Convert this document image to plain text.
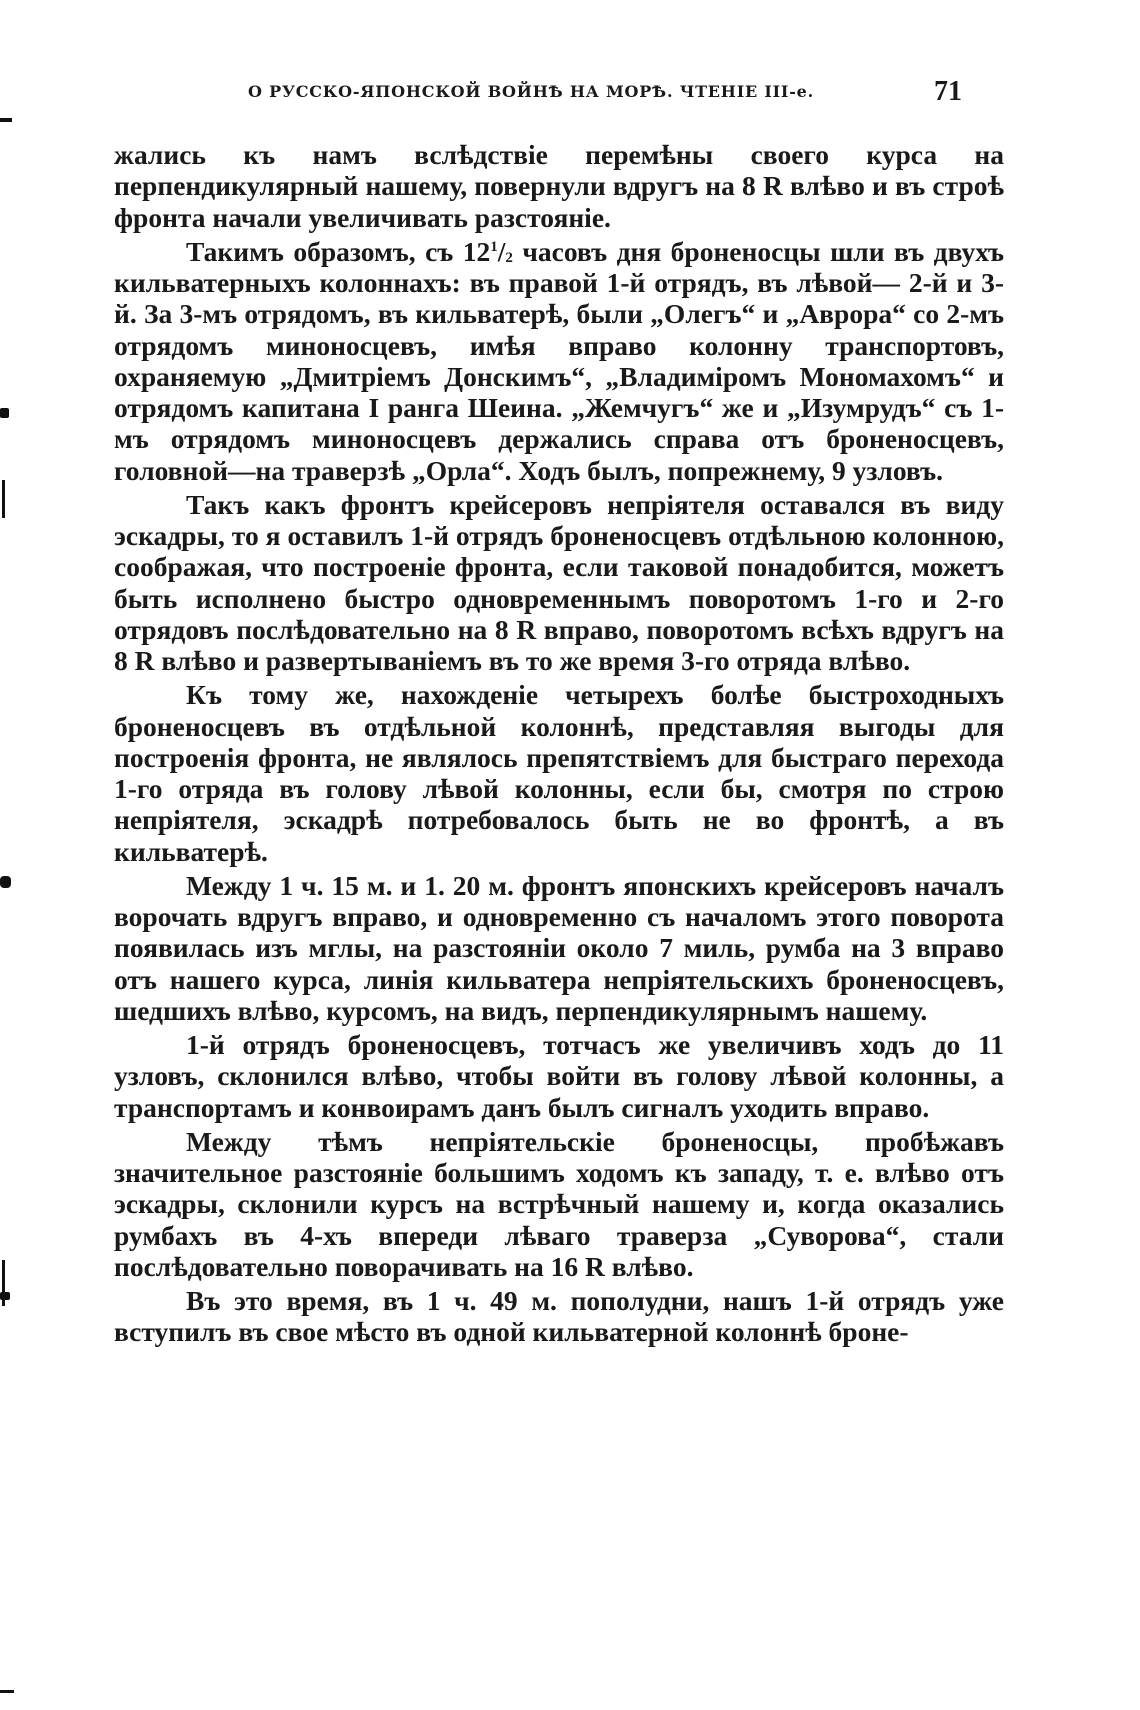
О РУССКО-ЯПОНСКОЙ ВОЙНѢ НА МОРѢ. ЧТЕНІЕ III-е.	71

жались къ намъ вслѣдствіе перемѣны своего курса на перпендикулярный нашему, повернули вдругъ на 8 R влѣво и въ строѣ фронта начали увеличивать разстояніе.

Такимъ образомъ, съ $12^1/2$ часовъ дня броненосцы шли въ двухъ кильватерныхъ колоннахъ: въ правой 1-й отрядъ, въ лѣвой— 2-й и 3-й. За 3-мъ отрядомъ, въ кильватерѣ, были „Олегъ“ и „Аврора“ со 2-мъ отрядомъ миноносцевъ, имѣя вправо колонну транспортовъ, охраняемую „Дмитріемъ Донскимъ“, „Владиміромъ Мономахомъ“ и отрядомъ капитана I ранга Шеина. „Жемчугъ“ же и „Изумрудъ“ съ 1-мъ отрядомъ миноносцевъ держались справа отъ броненосцевъ, головной—на траверзѣ „Орла“. Ходъ былъ, попрежнему, 9 узловъ.

Такъ какъ фронтъ крейсеровъ непріятеля оставался въ виду эскадры, то я оставилъ 1-й отрядъ броненосцевъ отдѣльною колонною, соображая, что построеніе фронта, если таковой понадобится, можетъ быть исполнено быстро одновременнымъ поворотомъ 1-го и 2-го отрядовъ послѣдовательно на 8 R вправо, поворотомъ всѣхъ вдругъ на 8 R влѣво и развертываніемъ въ то же время 3-го отряда влѣво.

Къ тому же, нахожденіе четырехъ болѣе быстроходныхъ броненосцевъ въ отдѣльной колоннѣ, представляя выгоды для построенія фронта, не являлось препятствіемъ для быстраго перехода 1-го отряда въ голову лѣвой колонны, если бы, смотря по строю непріятеля, эскадрѣ потребовалось быть не во фронтѣ, а въ кильватерѣ.

Между 1 ч. 15 м. и 1. 20 м. фронтъ японскихъ крейсеровъ началъ ворочать вдругъ вправо, и одновременно съ началомъ этого поворота появилась изъ мглы, на разстояніи около 7 миль, румба на 3 вправо отъ нашего курса, линія кильватера непріятельскихъ броненосцевъ, шедшихъ влѣво, курсомъ, на видъ, перпендикулярнымъ нашему.

1-й отрядъ броненосцевъ, тотчасъ же увеличивъ ходъ до 11 узловъ, склонился влѣво, чтобы войти въ голову лѣвой колонны, а транспортамъ и конвоирамъ данъ былъ сигналъ уходить вправо.

Между тѣмъ непріятельскіе броненосцы, пробѣжавъ значительное разстояніе большимъ ходомъ къ западу, т. е. влѣво отъ эскадры, склонили курсъ на встрѣчный нашему и, когда оказались румбахъ въ 4-хъ впереди лѣваго траверза „Суворова“, стали послѣдовательно поворачивать на 16 R влѣво.

Въ это время, въ 1 ч. 49 м. пополудни, нашъ 1-й отрядъ уже вступилъ въ свое мѣсто въ одной кильватерной колоннѣ броне-
